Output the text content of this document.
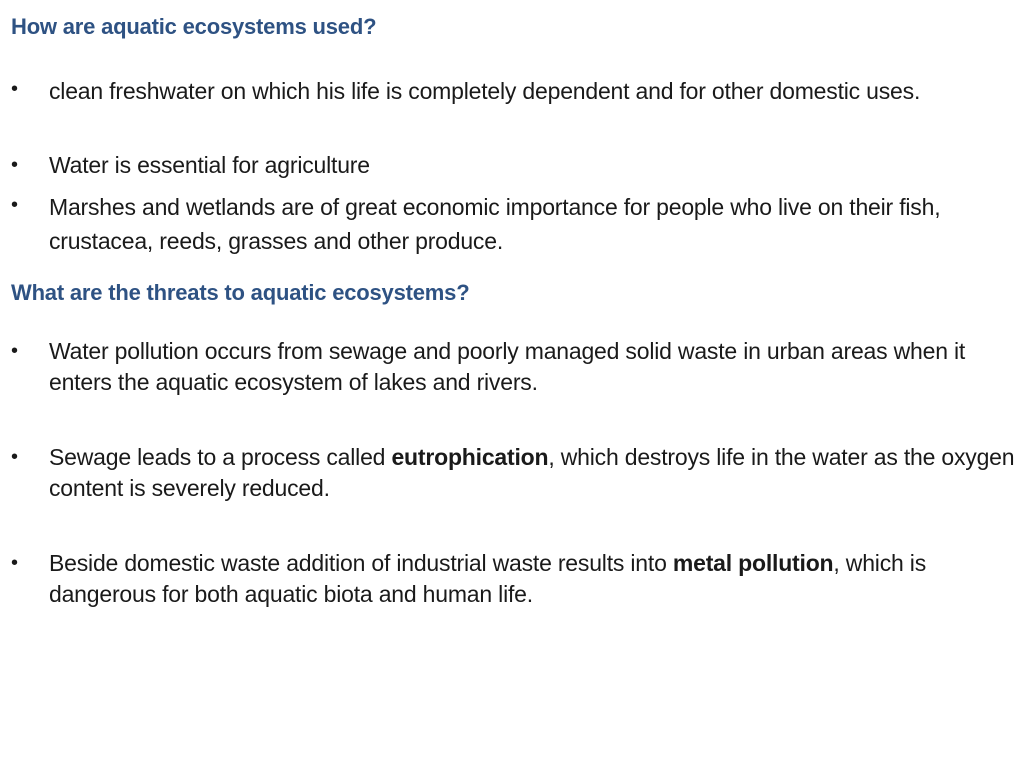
How are aquatic ecosystems used?
•	clean freshwater on which his life is completely dependent and for other domestic uses.
•	Water is essential for agriculture
•	Marshes and wetlands are of great economic importance for people who live on their fish, crustacea, reeds, grasses and other produce.
What are the threats to aquatic ecosystems?
•	Water pollution occurs from sewage and poorly managed solid waste in urban areas when it enters the aquatic ecosystem of lakes and rivers.
•	Sewage leads to a process called eutrophication, which destroys life in the water as the oxygen content is severely reduced.
•	Beside domestic waste addition of industrial waste results into metal pollution, which is dangerous for both aquatic biota and human life.
